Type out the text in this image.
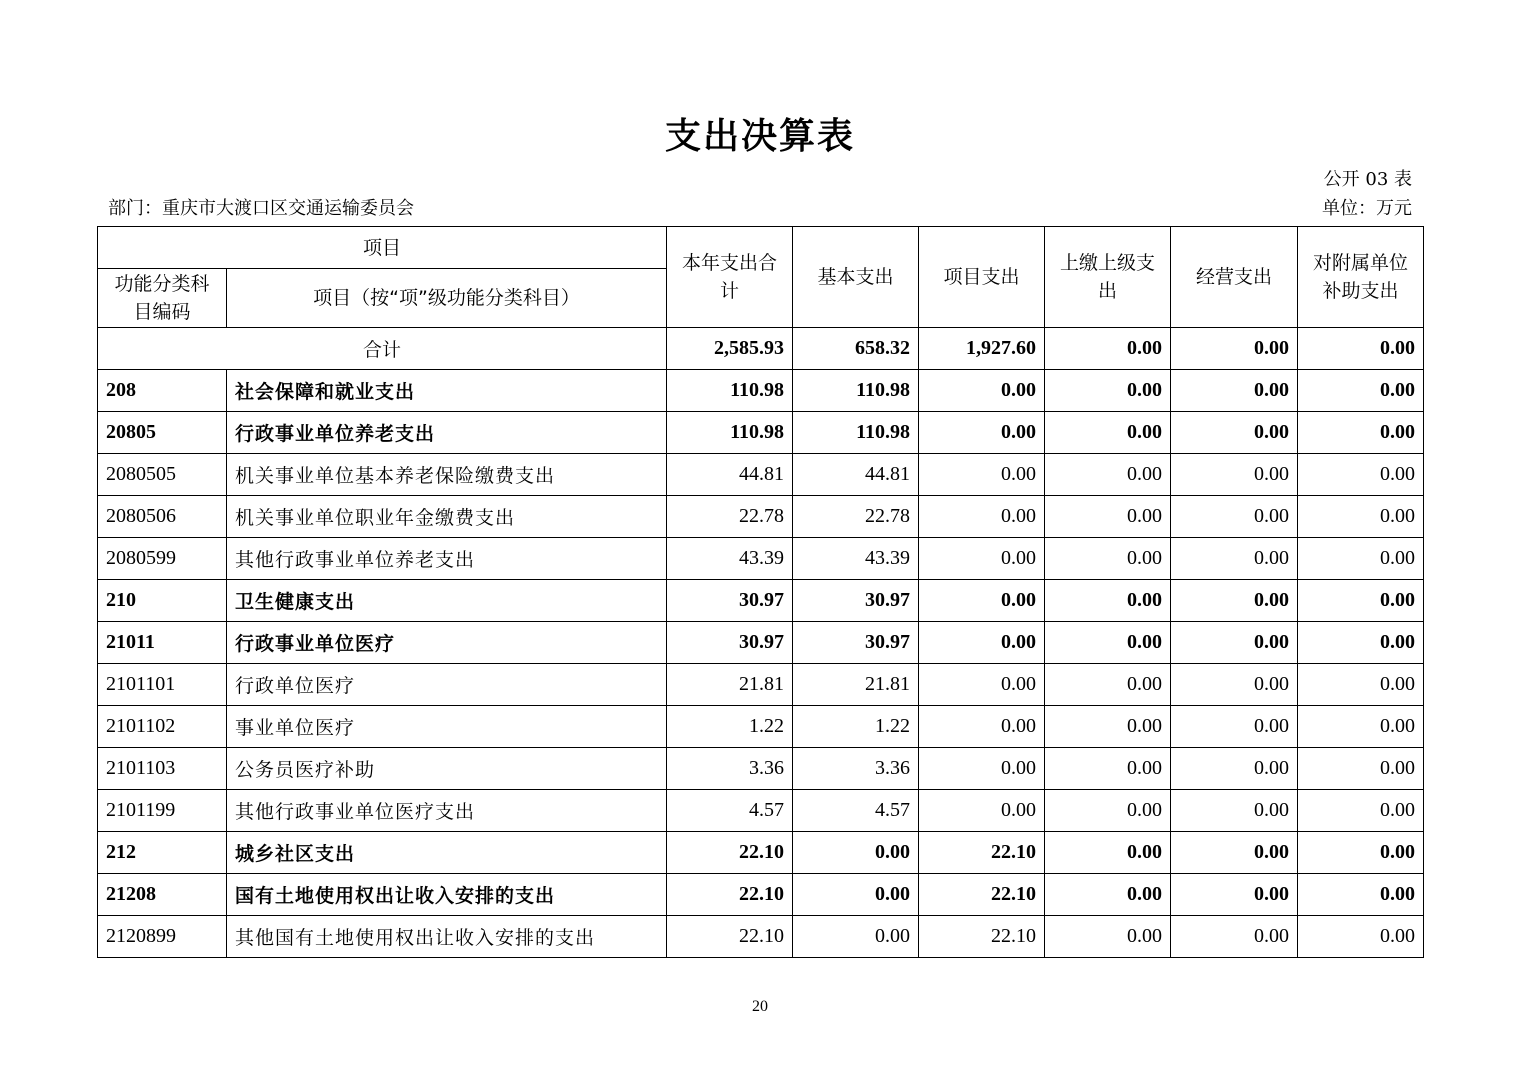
支出决算表
公开 03 表
部门：重庆市大渡口区交通运输委员会	单位：万元
项目		本年支出合计	基本支出	项目支出	上缴上级支出	经营支出	对附属单位补助支出
功能分类科目编码	项目（按“项”级功能分类科目）						
合计		2,585.93	658.32	1,927.60	0.00	0.00	0.00
208	社会保障和就业支出	110.98	110.98	0.00	0.00	0.00	0.00
20805	行政事业单位养老支出	110.98	110.98	0.00	0.00	0.00	0.00
2080505	机关事业单位基本养老保险缴费支出	44.81	44.81	0.00	0.00	0.00	0.00
2080506	机关事业单位职业年金缴费支出	22.78	22.78	0.00	0.00	0.00	0.00
2080599	其他行政事业单位养老支出	43.39	43.39	0.00	0.00	0.00	0.00
210	卫生健康支出	30.97	30.97	0.00	0.00	0.00	0.00
21011	行政事业单位医疗	30.97	30.97	0.00	0.00	0.00	0.00
2101101	行政单位医疗	21.81	21.81	0.00	0.00	0.00	0.00
2101102	事业单位医疗	1.22	1.22	0.00	0.00	0.00	0.00
2101103	公务员医疗补助	3.36	3.36	0.00	0.00	0.00	0.00
2101199	其他行政事业单位医疗支出	4.57	4.57	0.00	0.00	0.00	0.00
212	城乡社区支出	22.10	0.00	22.10	0.00	0.00	0.00
21208	国有土地使用权出让收入安排的支出	22.10	0.00	22.10	0.00	0.00	0.00
2120899	其他国有土地使用权出让收入安排的支出	22.10	0.00	22.10	0.00	0.00	0.00
20
